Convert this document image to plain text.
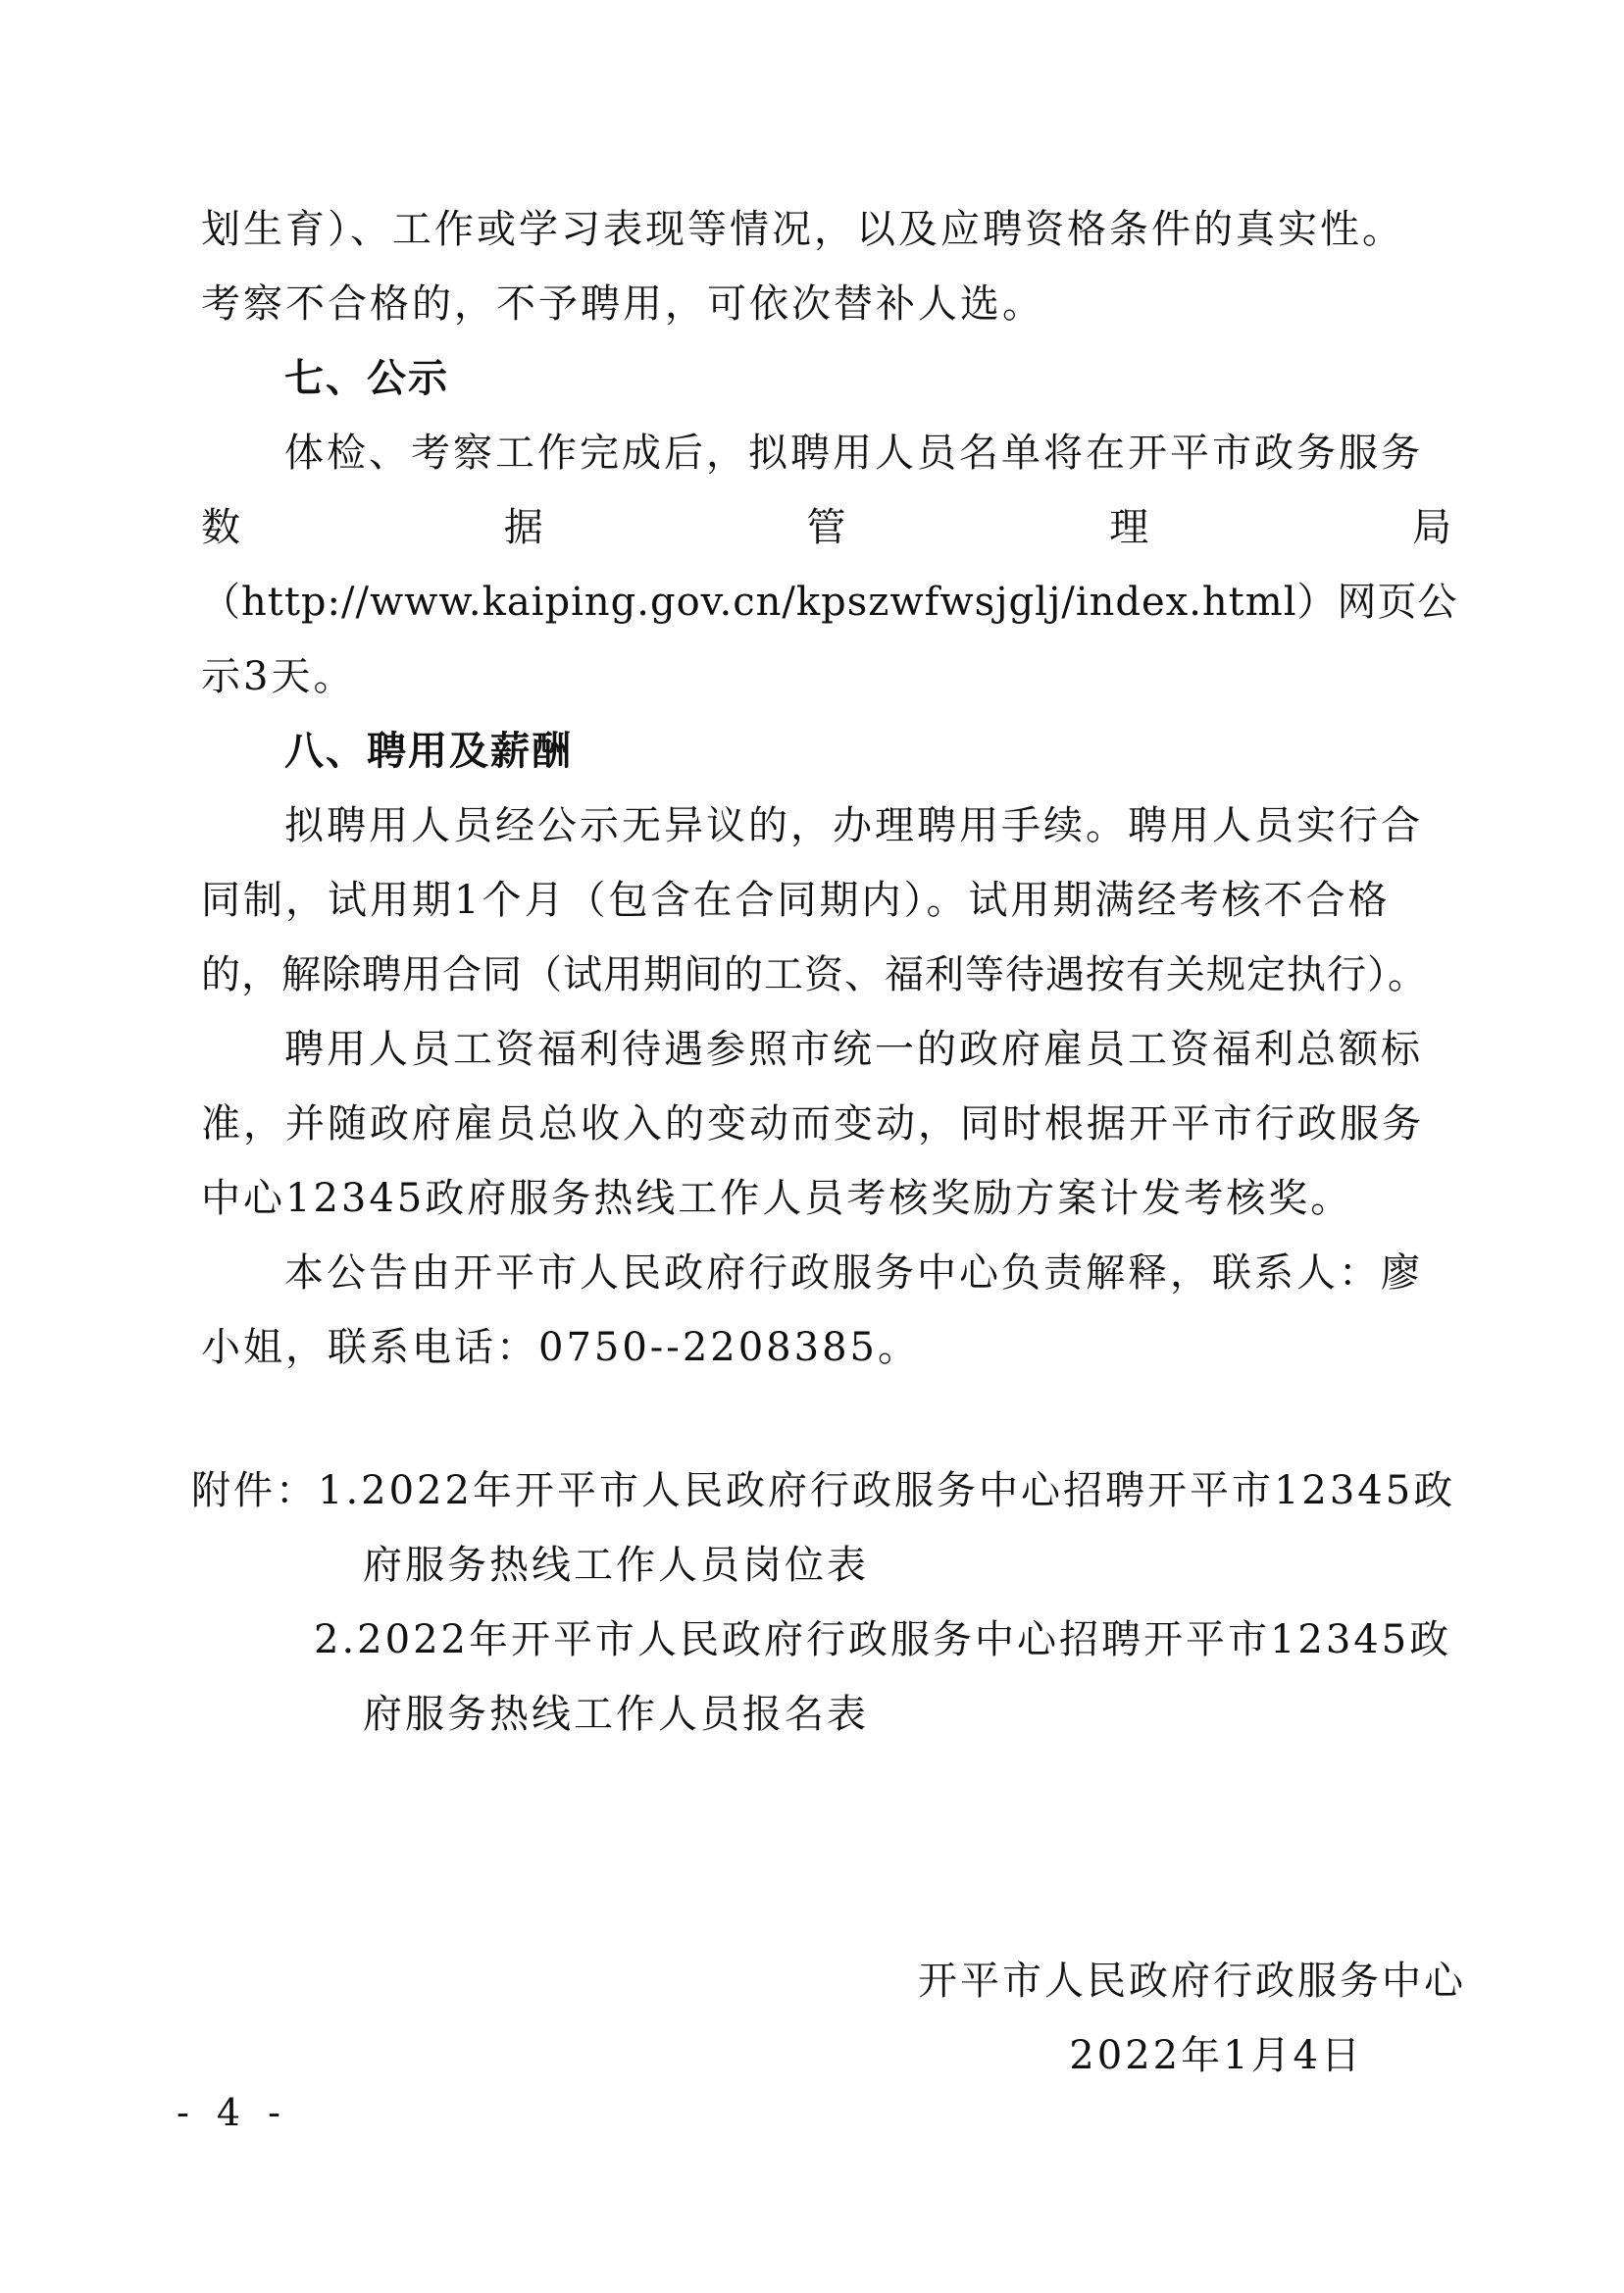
划生育）、工作或学习表现等情况，以及应聘资格条件的真实性。
考察不合格的，不予聘用，可依次替补人选。
七、公示
体检、考察工作完成后，拟聘用人员名单将在开平市政务服务
数	据	管	理	局
（http://www.kaiping.gov.cn/kpszwfwsjglj/index.html）网页公
示3天。
八、聘用及薪酬
拟聘用人员经公示无异议的，办理聘用手续。聘用人员实行合
同制，试用期1个月（包含在合同期内）。试用期满经考核不合格
的，解除聘用合同（试用期间的工资、福利等待遇按有关规定执行）。
聘用人员工资福利待遇参照市统一的政府雇员工资福利总额标
准，并随政府雇员总收入的变动而变动，同时根据开平市行政服务
中心12345政府服务热线工作人员考核奖励方案计发考核奖。
本公告由开平市人民政府行政服务中心负责解释，联系人：廖
小姐，联系电话：0750--2208385。
附件：1.2022年开平市人民政府行政服务中心招聘开平市12345政
府服务热线工作人员岗位表
2.2022年开平市人民政府行政服务中心招聘开平市12345政
府服务热线工作人员报名表
开平市人民政府行政服务中心
2022年1月4日
- 4 -
